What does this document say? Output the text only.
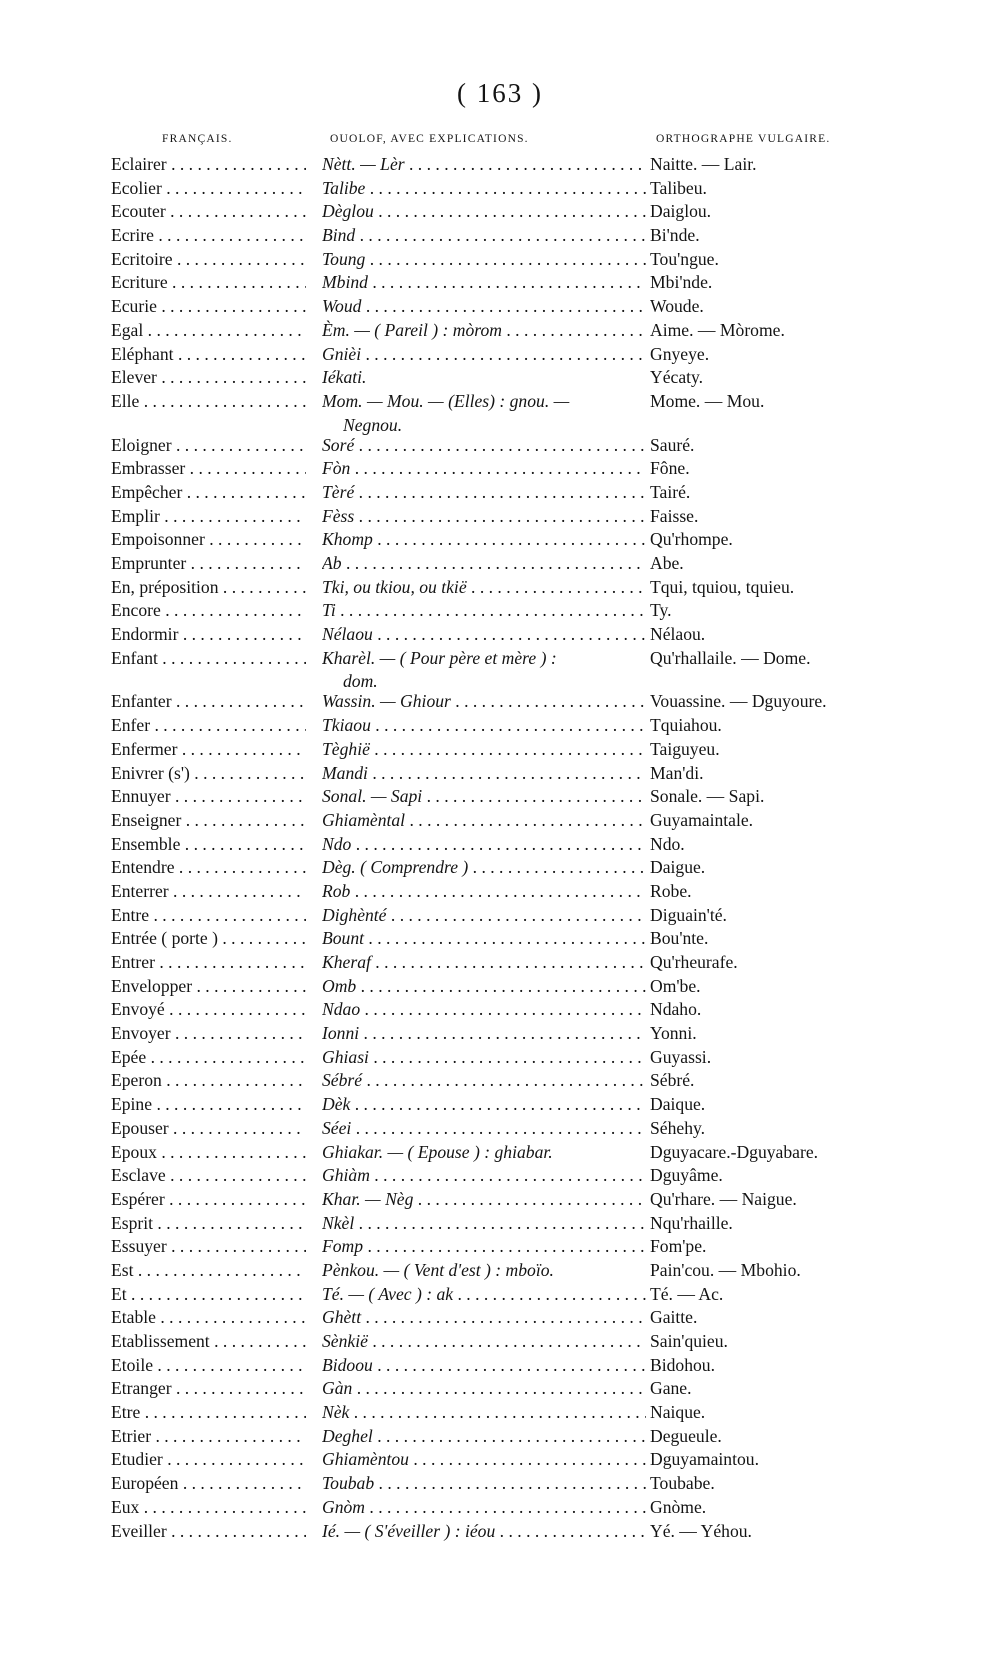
( 163 )
FRANÇAIS.	OUOLOF, AVEC EXPLICATIONS.	ORTHOGRAPHE VULGAIRE.
Eclairer . . .	Nètt. — Lèr . . .	Naitte. — Lair.
Ecolier . . .	Talibe . . .	Talibeu.
Ecouter . . .	Dèglou . . .	Daiglou.
Ecrire . . .	Bind . . .	Bi'nde.
Ecritoire . . .	Toung . . .	Tou'ngue.
Ecriture . . .	Mbind . . .	Mbi'nde.
Ecurie . . .	Woud . . .	Woude.
Egal . . .	Èm. — ( Pareil ) : mòrom . . .	Aime. — Mòrome.
Eléphant . . .	Gnièi . . .	Gnyeye.
Elever . . .	Iékati.	Yécaty.
Elle . . .	Mom. — Mou. — (Elles) : gnou. —	Mome. — Mou.
Negnou.
Eloigner . . .	Soré . . .	Sauré.
Embrasser . . .	Fòn . . .	Fône.
Empêcher . . .	Tèré . . .	Tairé.
Emplir . . .	Fèss . . .	Faisse.
Empoisonner . . .	Khomp . . .	Qu'rhompe.
Emprunter . . .	Ab . . .	Abe.
En, préposition . . .	Tki, ou tkiou, ou tkië . . .	Tqui, tquiou, tquieu.
Encore . . .	Ti . . .	Ty.
Endormir . . .	Nélaou . . .	Nélaou.
Enfant . . .	Kharèl. — ( Pour père et mère ) :	Qu'rhallaile. — Dome.
dom.
Enfanter . . .	Wassin. — Ghiour . . .	Vouassine. — Dguyoure.
Enfer . . .	Tkiaou . . .	Tquiahou.
Enfermer . . .	Tèghië . . .	Taiguyeu.
Enivrer (s') . . .	Mandi . . .	Man'di.
Ennuyer . . .	Sonal. — Sapi . . .	Sonale. — Sapi.
Enseigner . . .	Ghiamèntal . . .	Guyamaintale.
Ensemble . . .	Ndo . . .	Ndo.
Entendre . . .	Dèg. ( Comprendre ) . . .	Daigue.
Enterrer . . .	Rob . . .	Robe.
Entre . . .	Dighènté . . .	Diguain'té.
Entrée ( porte ) . . .	Bount . . .	Bou'nte.
Entrer . . .	Kheraf . . .	Qu'rheurafe.
Envelopper . . .	Omb . . .	Om'be.
Envoyé . . .	Ndao . . .	Ndaho.
Envoyer . . .	Ionni . . .	Yonni.
Epée . . .	Ghiasi . . .	Guyassi.
Eperon . . .	Sébré . . .	Sébré.
Epine . . .	Dèk . . .	Daique.
Epouser . . .	Séei . . .	Séhehy.
Epoux . . .	Ghiakar. — ( Epouse ) : ghiabar.	Dguyacare.-Dguyabare.
Esclave . . .	Ghiàm . . .	Dguyâme.
Espérer . . .	Khar. — Nèg . . .	Qu'rhare. — Naigue.
Esprit . . .	Nkèl . . .	Nqu'rhaille.
Essuyer . . .	Fomp . . .	Fom'pe.
Est . . .	Pènkou. — ( Vent d'est ) : mboïo.	Pain'cou. — Mbohio.
Et . . .	Té. — ( Avec ) : ak . . .	Té. — Ac.
Etable . . .	Ghètt . . .	Gaitte.
Etablissement . . .	Sènkië . . .	Sain'quieu.
Etoile . . .	Bidoou . . .	Bidohou.
Etranger . . .	Gàn . . .	Gane.
Etre . . .	Nèk . . .	Naique.
Etrier . . .	Deghel . . .	Degueule.
Etudier . . .	Ghiamèntou . . .	Dguyamaintou.
Européen . . .	Toubab . . .	Toubabe.
Eux . . .	Gnòm . . .	Gnòme.
Eveiller . . .	Ié. — ( S'éveiller ) : iéou . . .	Yé. — Yéhou.
